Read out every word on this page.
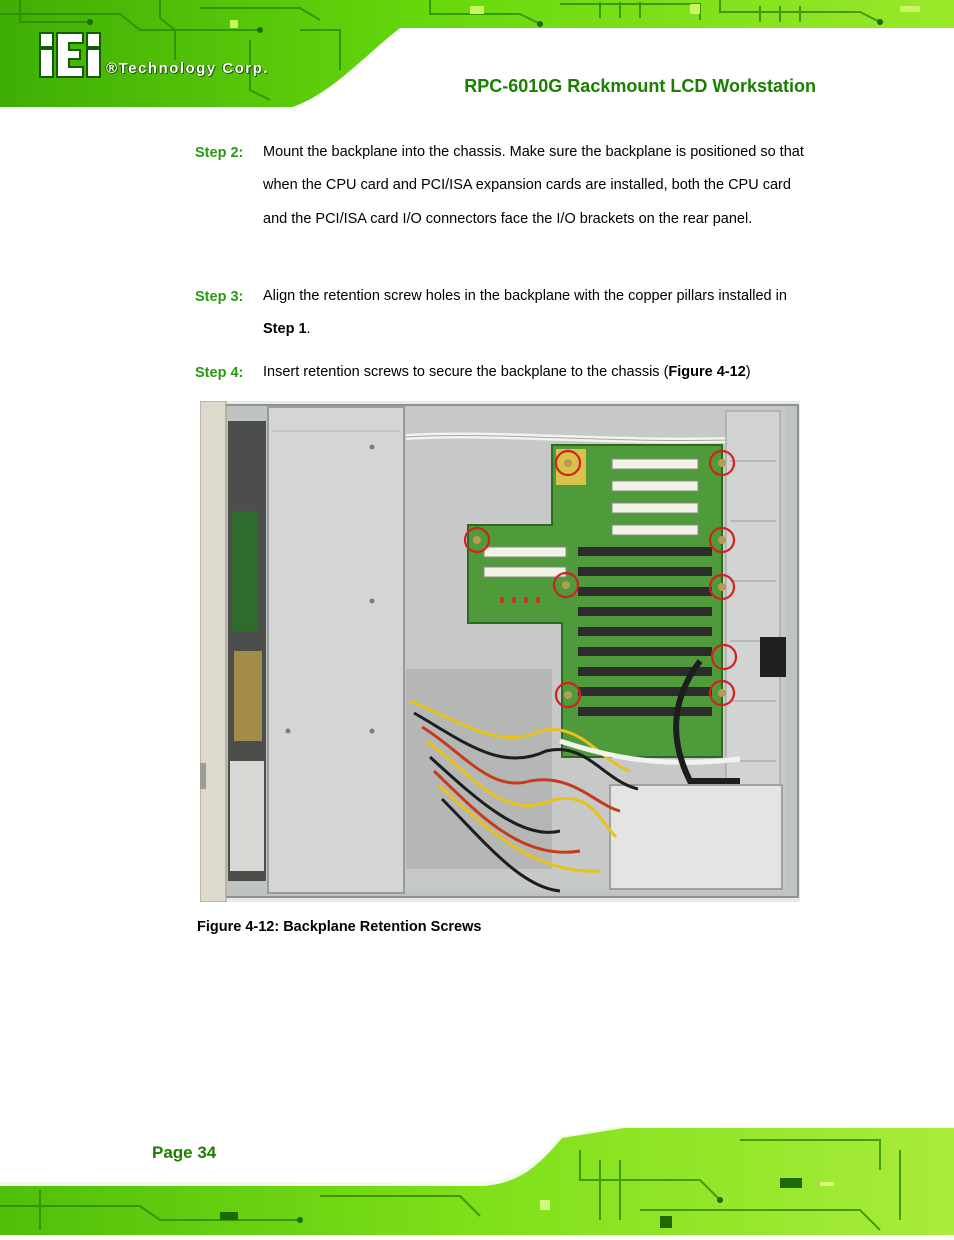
®Technology Corp.
RPC-6010G Rackmount LCD Workstation
Step 2: Mount the backplane into the chassis. Make sure the backplane is positioned so that when the CPU card and PCI/ISA expansion cards are installed, both the CPU card and the PCI/ISA card I/O connectors face the I/O brackets on the rear panel.
Step 3: Align the retention screw holes in the backplane with the copper pillars installed in Step 1.
Step 4: Insert retention screws to secure the backplane to the chassis (Figure 4-12)
Figure 4-12: Backplane Retention Screws
Page 34
